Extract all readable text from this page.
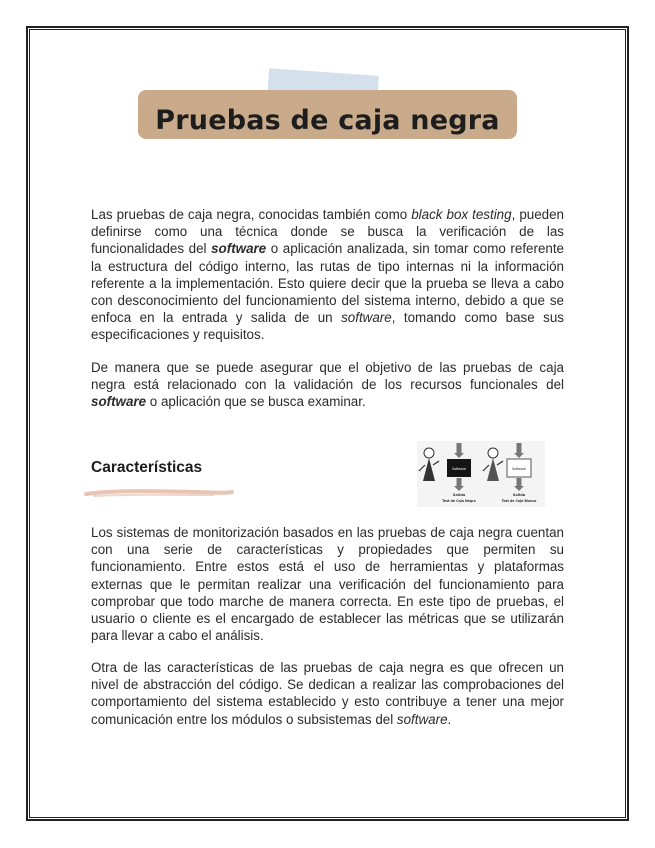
Pruebas de caja negra

Las pruebas de caja negra, conocidas también como black box testing, pueden definirse como una técnica donde se busca la verificación de las funcionalidades del software o aplicación analizada, sin tomar como referente la estructura del código interno, las rutas de tipo internas ni la información referente a la implementación. Esto quiere decir que la prueba se lleva a cabo con desconocimiento del funcionamiento del sistema interno, debido a que se enfoca en la entrada y salida de un software, tomando como base sus especificaciones y requisitos.

De manera que se puede asegurar que el objetivo de las pruebas de caja negra está relacionado con la validación de los recursos funcionales del software o aplicación que se busca examinar.

Características	Software
Salida
Test de Caja Negra
Software
Salida
Test de Caja Blanca

Los sistemas de monitorización basados en las pruebas de caja negra cuentan con una serie de características y propiedades que permiten su funcionamiento. Entre estos está el uso de herramientas y plataformas externas que le permitan realizar una verificación del funcionamiento para comprobar que todo marche de manera correcta. En este tipo de pruebas, el usuario o cliente es el encargado de establecer las métricas que se utilizarán para llevar a cabo el análisis.

Otra de las características de las pruebas de caja negra es que ofrecen un nivel de abstracción del código. Se dedican a realizar las comprobaciones del comportamiento del sistema establecido y esto contribuye a tener una mejor comunicación entre los módulos o subsistemas del software.
